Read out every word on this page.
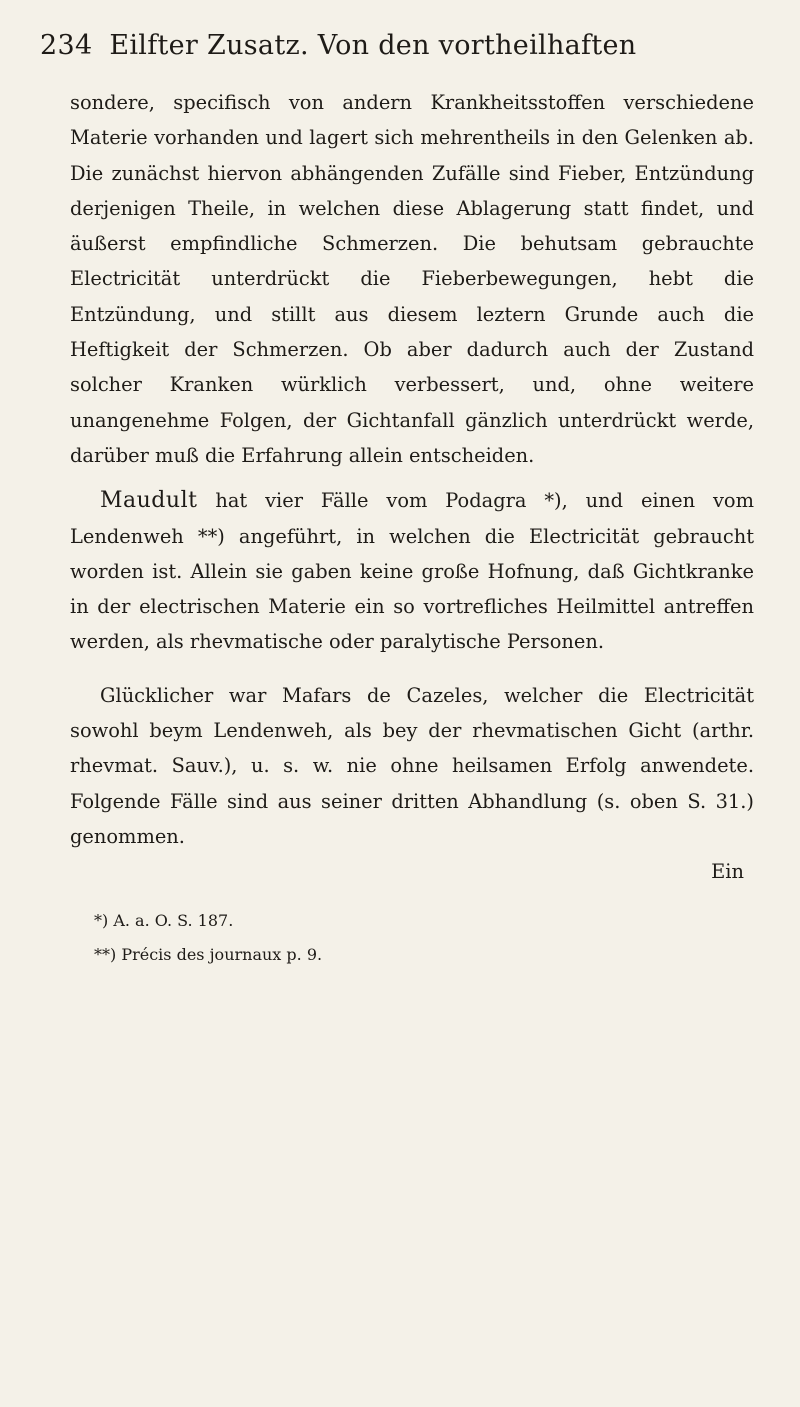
234 Eilfter Zusatz. Von den vortheilhaften

sondere, specifisch von andern Krankheitsstoffen verschiedene Materie vorhanden und lagert sich mehrentheils in den Gelenken ab. Die zunächst hiervon abhängenden Zufälle sind Fieber, Entzündung derjenigen Theile, in welchen diese Ablagerung statt findet, und äußerst empfindliche Schmerzen. Die behutsam gebrauchte Electricität unterdrückt die Fieberbewegungen, hebt die Entzündung, und stillt aus diesem leztern Grunde auch die Heftigkeit der Schmerzen. Ob aber dadurch auch der Zustand solcher Kranken würklich verbessert, und, ohne weitere unangenehme Folgen, der Gichtanfall gänzlich unterdrückt werde, darüber muß die Erfahrung allein entscheiden.

Maudult hat vier Fälle vom Podagra *), und einen vom Lendenweh **) angeführt, in welchen die Electricität gebraucht worden ist. Allein sie gaben keine große Hofnung, daß Gichtkranke in der electrischen Materie ein so vortrefliches Heilmittel antreffen werden, als rhevmatische oder paralytische Personen.

Glücklicher war Mafars de Cazeles, welcher die Electricität sowohl beym Lendenweh, als bey der rhevmatischen Gicht (arthr. rhevmat. Sauv.), u. s. w. nie ohne heilsamen Erfolg anwendete. Folgende Fälle sind aus seiner dritten Abhandlung (s. oben S. 31.) genommen.

Ein

*) A. a. O. S. 187.
**) Précis des journaux p. 9.
